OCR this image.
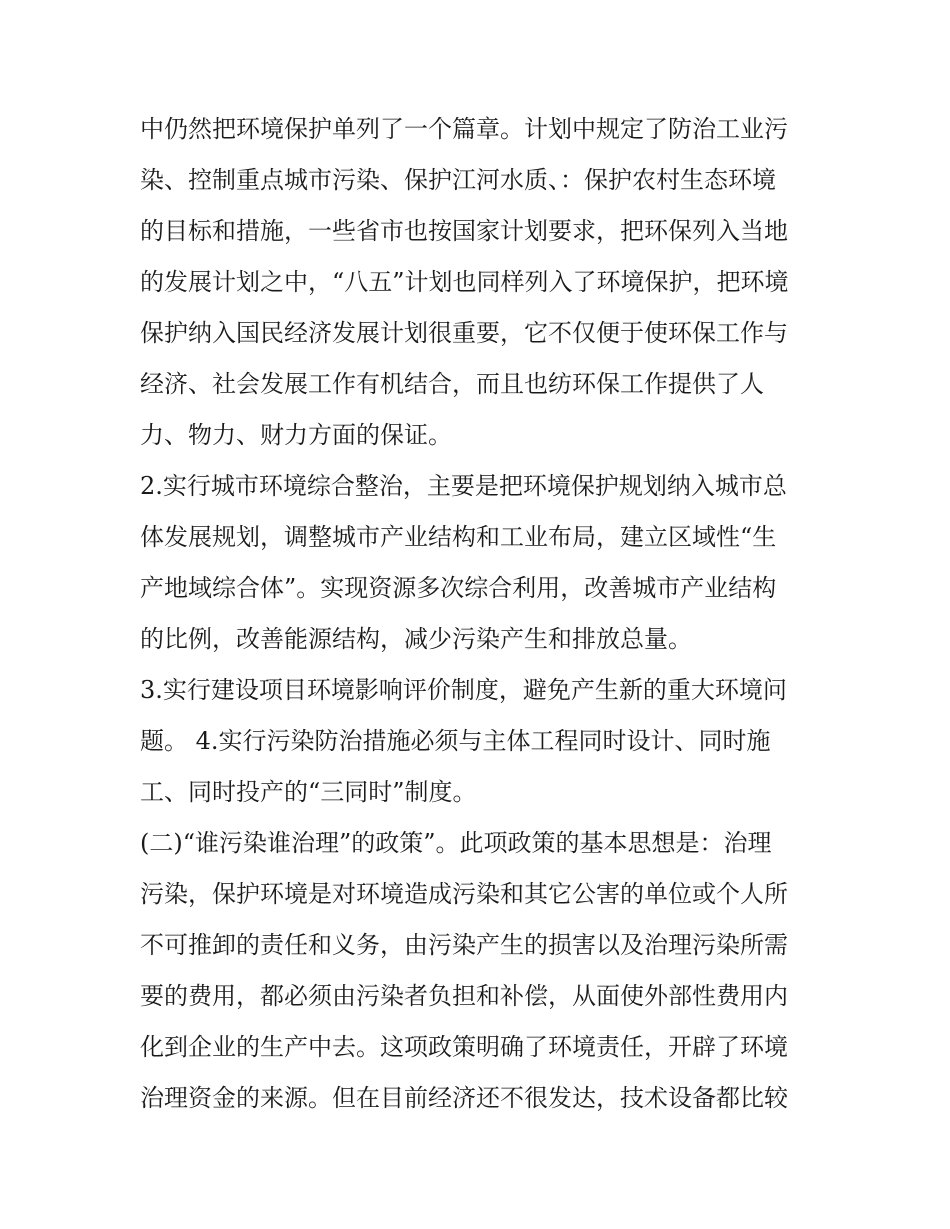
中仍然把环境保护单列了一个篇章。计划中规定了防治工业污
染、控制重点城市污染、保护江河水质、：保护农村生态环境
的目标和措施，一些省市也按国家计划要求，把环保列入当地
的发展计划之中，“八五”计划也同样列入了环境保护，把环境
保护纳入国民经济发展计划很重要，它不仅便于使环保工作与
经济、社会发展工作有机结合，而且也纺环保工作提供了人
力、物力、财力方面的保证。
2.实行城市环境综合整治，主要是把环境保护规划纳入城市总
体发展规划，调整城市产业结构和工业布局，建立区域性“生
产地域综合体”。实现资源多次综合利用，改善城市产业结构
的比例，改善能源结构，减少污染产生和排放总量。
3.实行建设项目环境影响评价制度，避免产生新的重大环境问
题。 4.实行污染防治措施必须与主体工程同时设计、同时施
工、同时投产的“三同时”制度。
(二)“谁污染谁治理”的政策”。此项政策的基本思想是：治理
污染，保护环境是对环境造成污染和其它公害的单位或个人所
不可推卸的责任和义务，由污染产生的损害以及治理污染所需
要的费用，都必须由污染者负担和补偿，从面使外部性费用内
化到企业的生产中去。这项政策明确了环境责任，开辟了环境
治理资金的来源。但在目前经济还不很发达，技术设备都比较
